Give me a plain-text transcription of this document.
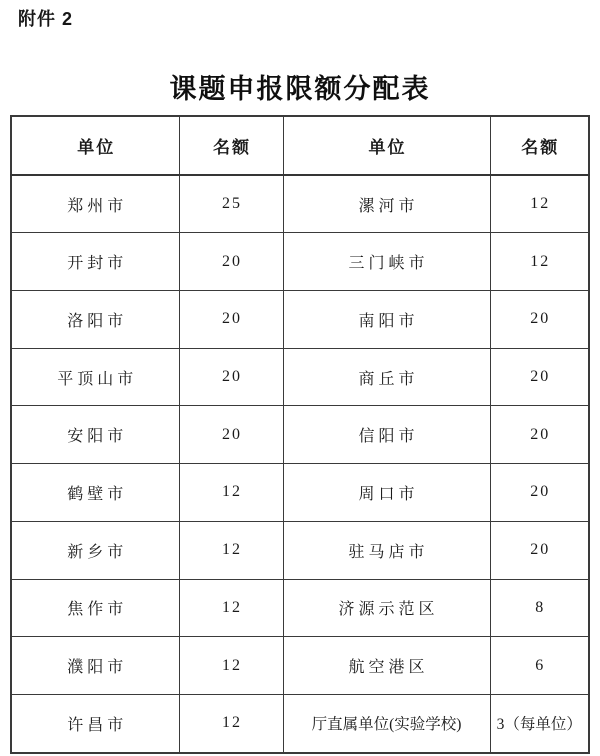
附件 2
课题申报限额分配表
单位	名额	单位	名额
郑州市	25	漯河市	12
开封市	20	三门峡市	12
洛阳市	20	南阳市	20
平顶山市	20	商丘市	20
安阳市	20	信阳市	20
鹤壁市	12	周口市	20
新乡市	12	驻马店市	20
焦作市	12	济源示范区	8
濮阳市	12	航空港区	6
许昌市	12	厅直属单位(实验学校)	3（每单位）
